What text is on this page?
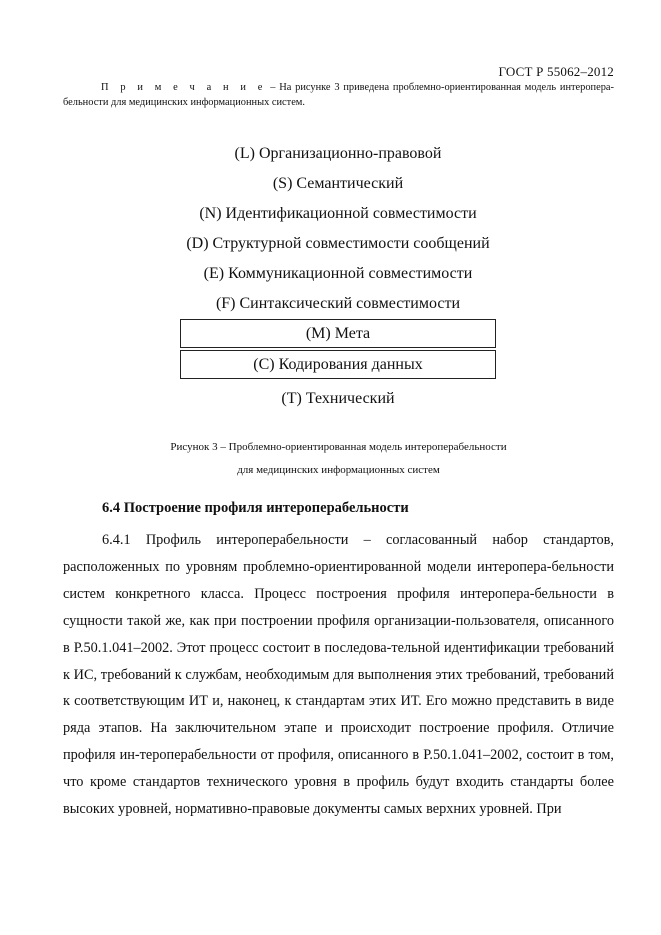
ГОСТ Р 55062–2012
П р и м е ч а н и е – На рисунке 3 приведена проблемно-ориентированная модель интеропера-бельности для медицинских информационных систем.
(L) Организационно-правовой
(S) Семантический
(N) Идентификационной совместимости
(D) Структурной совместимости сообщений
(E) Коммуникационной совместимости
(F) Синтаксический совместимости
(M) Мета
(C) Кодирования данных
(T) Технический
Рисунок 3 – Проблемно-ориентированная модель интероперабельности
для медицинских информационных систем
6.4 Построение профиля интероперабельности
6.4.1 Профиль интероперабельности – согласованный набор стандартов, расположенных по уровням проблемно-ориентированной модели интеропера-бельности систем конкретного класса. Процесс построения профиля интеропера-бельности в сущности такой же, как при построении профиля организации-пользователя, описанного в Р.50.1.041–2002. Этот процесс состоит в последова-тельной идентификации требований к ИС, требований к службам, необходимым для выполнения этих требований, требований к соответствующим ИТ и, наконец, к стандартам этих ИТ. Его можно представить в виде ряда этапов. На заключительном этапе и происходит построение профиля. Отличие профиля ин-тероперабельности от профиля, описанного в Р.50.1.041–2002, состоит в том, что кроме стандартов технического уровня в профиль будут входить стандарты более высоких уровней, нормативно-правовые документы самых верхних уровней. При
